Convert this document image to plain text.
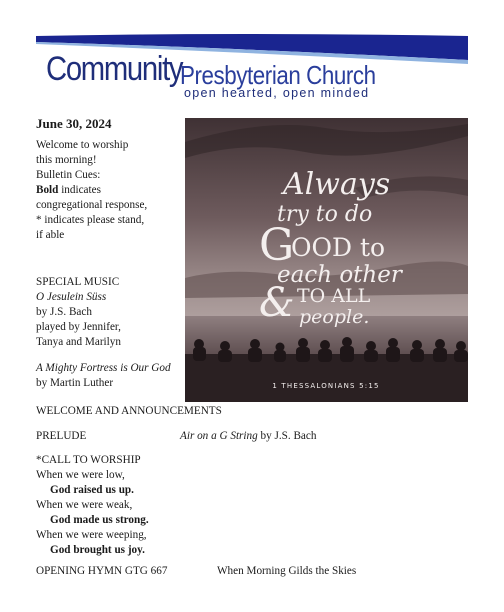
Community
Presbyterian Church
open hearted, open minded
June 30, 2024
Welcome to worship
this morning!
Bulletin Cues:
Bold indicates
congregational response,
* indicates please stand,
if able
SPECIAL MUSIC
O Jesulein Süss
by J.S. Bach
played by Jennifer,
Tanya and Marilyn
A Mighty Fortress is Our God
by Martin Luther
Always
try to do
G
OOD to
each other
& TO ALL
people.
1 THESSALONIANS 5:15
WELCOME AND ANNOUNCEMENTS
PRELUDE	Air on a G String by J.S. Bach
*CALL TO WORSHIP
When we were low,
God raised us up.
When we were weak,
God made us strong.
When we were weeping,
God brought us joy.
OPENING HYMN GTG 667	When Morning Gilds the Skies
